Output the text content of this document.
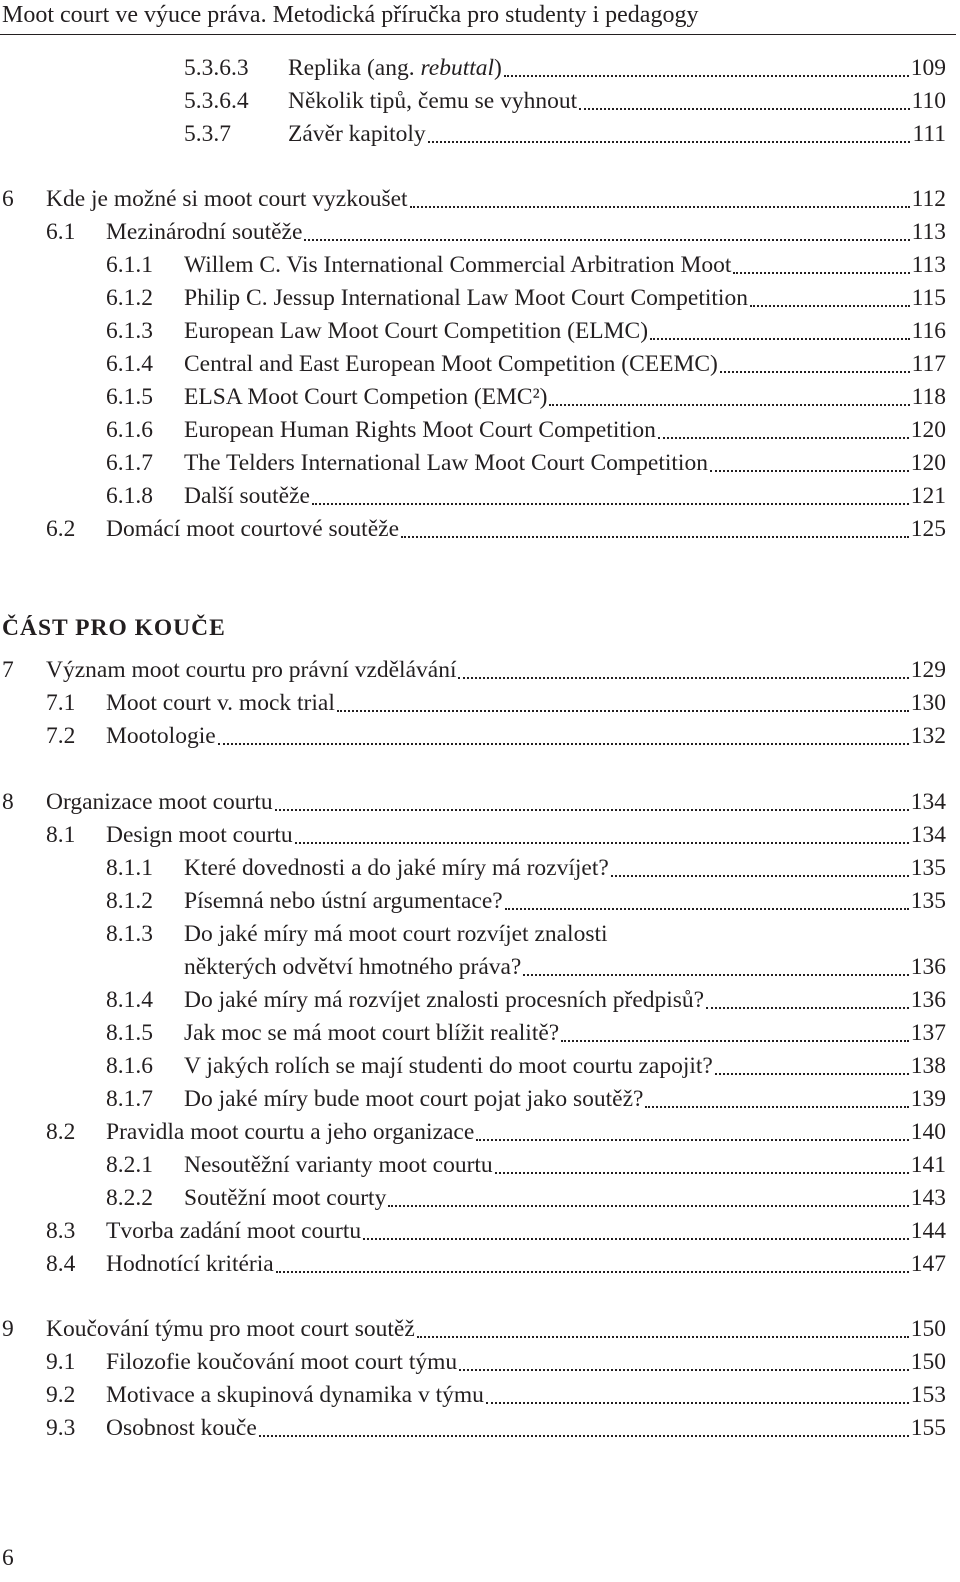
Moot court ve výuce práva. Metodická příručka pro studenty i pedagogy
5.3.6.3 Replika (ang. rebuttal)	109
5.3.6.4 Několik tipů, čemu se vyhnout	110
5.3.7 Závěr kapitoly	111
6 Kde je možné si moot court vyzkoušet	112
6.1 Mezinárodní soutěže	113
6.1.1 Willem C. Vis International Commercial Arbitration Moot	113
6.1.2 Philip C. Jessup International Law Moot Court Competition	115
6.1.3 European Law Moot Court Competition (ELMC)	116
6.1.4 Central and East European Moot Competition (CEEMC)	117
6.1.5 ELSA Moot Court Competion (EMC²)	118
6.1.6 European Human Rights Moot Court Competition	120
6.1.7 The Telders International Law Moot Court Competition	120
6.1.8 Další soutěže	121
6.2 Domácí moot courtové soutěže	125
ČÁST PRO KOUČE
7 Význam moot courtu pro právní vzdělávání	129
7.1 Moot court v. mock trial	130
7.2 Mootologie	132
8 Organizace moot courtu	134
8.1 Design moot courtu	134
8.1.1 Které dovednosti a do jaké míry má rozvíjet?	135
8.1.2 Písemná nebo ústní argumentace?	135
8.1.3 Do jaké míry má moot court rozvíjet znalosti
některých odvětví hmotného práva?	136
8.1.4 Do jaké míry má rozvíjet znalosti procesních předpisů?	136
8.1.5 Jak moc se má moot court blížit realitě?	137
8.1.6 V jakých rolích se mají studenti do moot courtu zapojit?	138
8.1.7 Do jaké míry bude moot court pojat jako soutěž?	139
8.2 Pravidla moot courtu a jeho organizace	140
8.2.1 Nesoutěžní varianty moot courtu	141
8.2.2 Soutěžní moot courty	143
8.3 Tvorba zadání moot courtu	144
8.4 Hodnotící kritéria	147
9 Koučování týmu pro moot court soutěž	150
9.1 Filozofie koučování moot court týmu	150
9.2 Motivace a skupinová dynamika v týmu	153
9.3 Osobnost kouče	155
6
